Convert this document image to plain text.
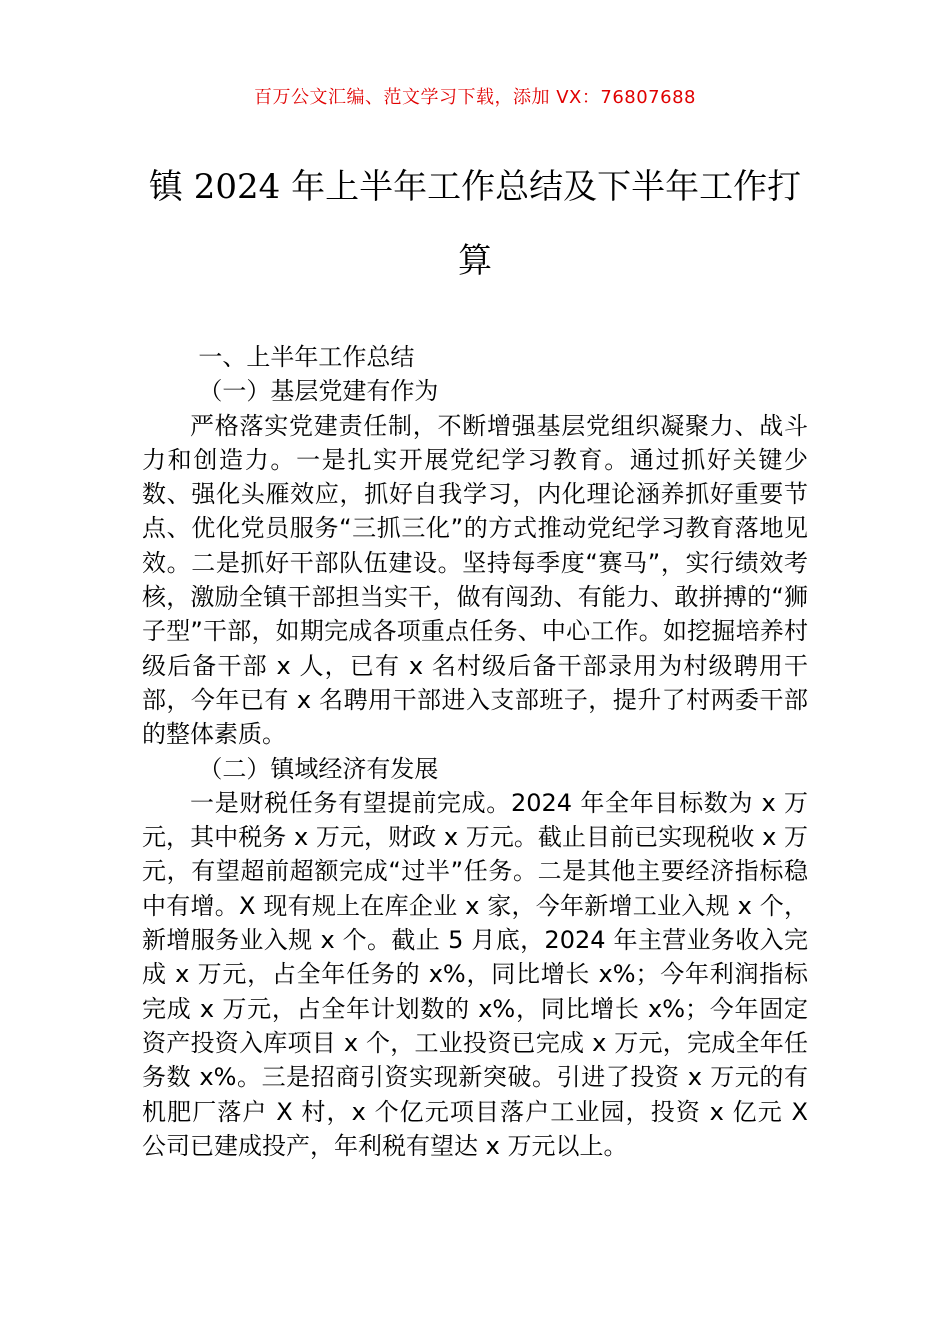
百万公文汇编、范文学习下载，添加 VX：76807688
镇 2024 年上半年工作总结及下半年工作打算

一、上半年工作总结

（一）基层党建有作为

严格落实党建责任制，不断增强基层党组织凝聚力、战斗力和创造力。一是扎实开展党纪学习教育。通过抓好关键少数、强化头雁效应，抓好自我学习，内化理论涵养抓好重要节点、优化党员服务“三抓三化”的方式推动党纪学习教育落地见效。二是抓好干部队伍建设。坚持每季度“赛马”，实行绩效考核，激励全镇干部担当实干，做有闯劲、有能力、敢拼搏的“狮子型”干部，如期完成各项重点任务、中心工作。如挖掘培养村级后备干部 x 人，已有 x 名村级后备干部录用为村级聘用干部，今年已有 x 名聘用干部进入支部班子，提升了村两委干部的整体素质。

（二）镇域经济有发展

一是财税任务有望提前完成。2024 年全年目标数为 x 万元，其中税务 x 万元，财政 x 万元。截止目前已实现税收 x 万元，有望超前超额完成“过半”任务。二是其他主要经济指标稳中有增。X 现有规上在库企业 x 家，今年新增工业入规 x 个，新增服务业入规 x 个。截止 5 月底，2024 年主营业务收入完成 x 万元，占全年任务的 x%，同比增长 x%；今年利润指标完成 x 万元，占全年计划数的 x%，同比增长 x%；今年固定资产投资入库项目 x 个，工业投资已完成 x 万元，完成全年任务数 x%。三是招商引资实现新突破。引进了投资 x 万元的有机肥厂落户 X 村，x 个亿元项目落户工业园，投资 x 亿元 X 公司已建成投产，年利税有望达 x 万元以上。
